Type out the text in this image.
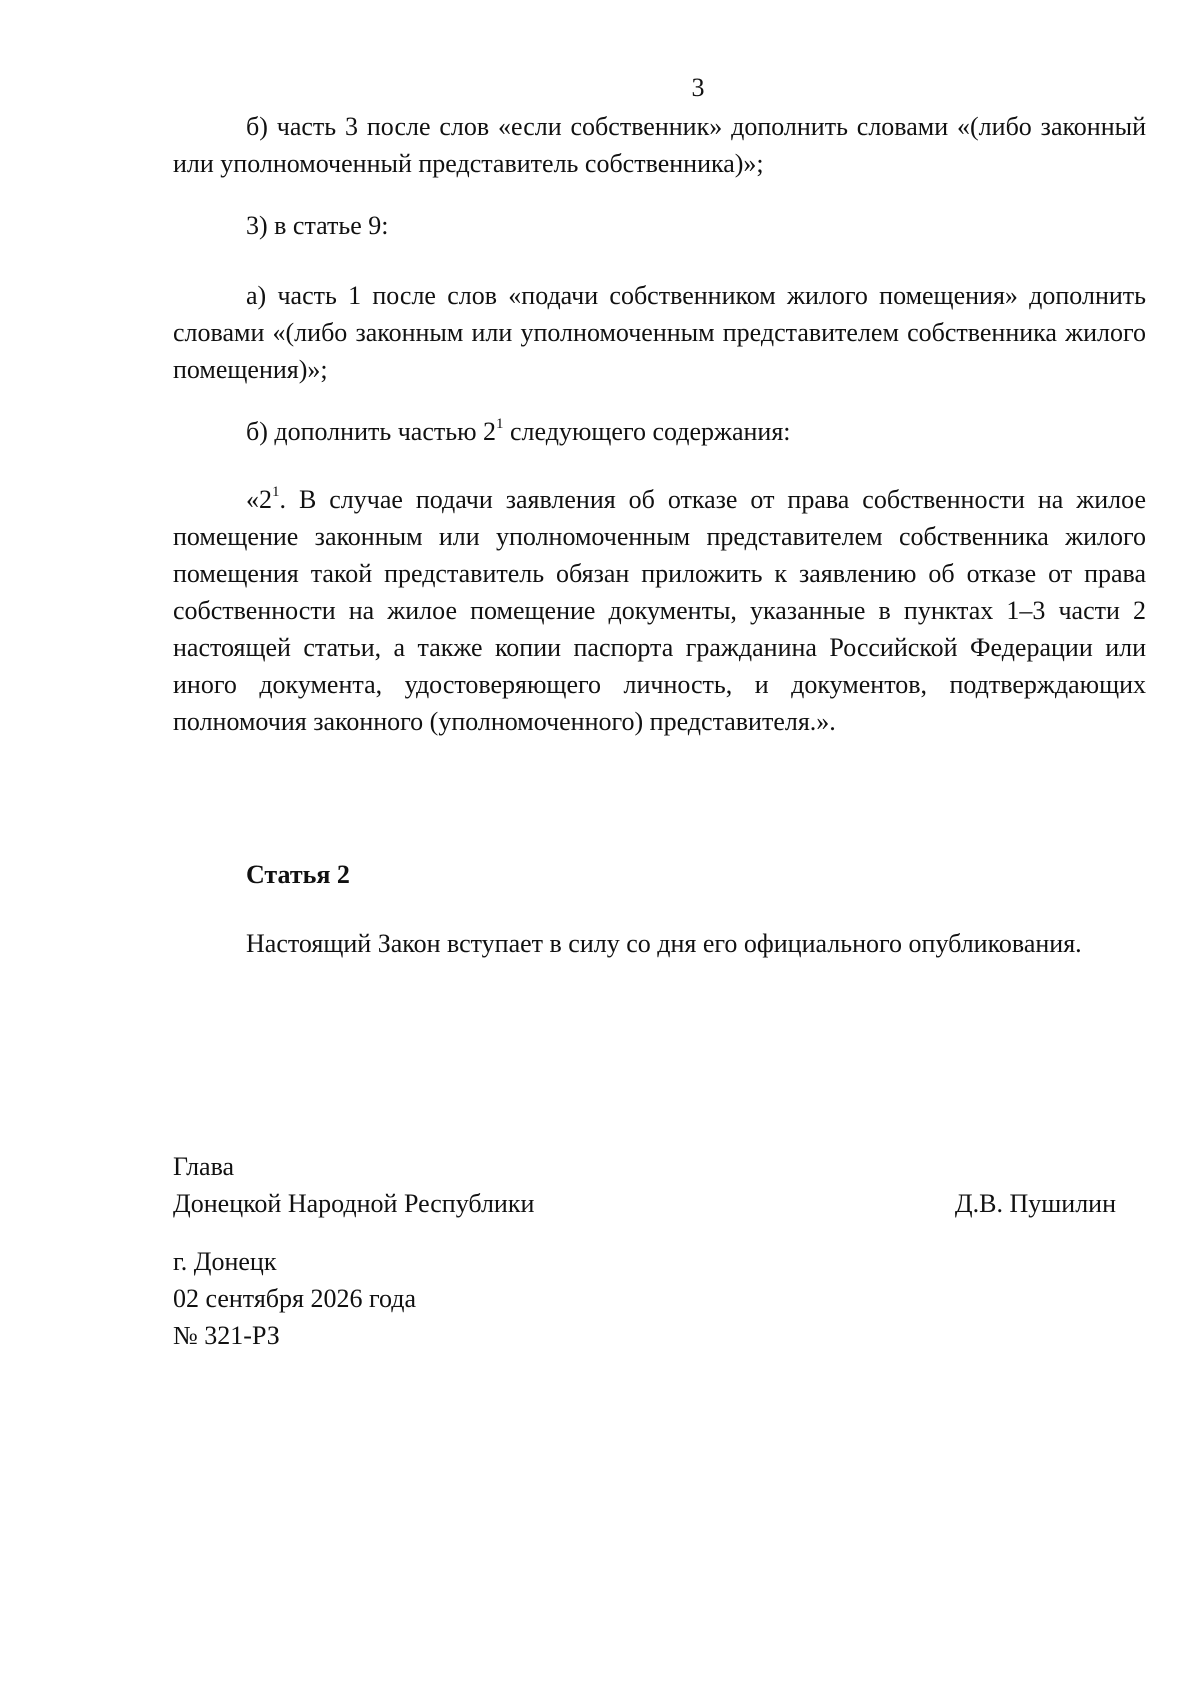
3

б) часть 3 после слов «если собственник» дополнить словами «(либо законный или уполномоченный представитель собственника)»;

3) в статье 9:

а) часть 1 после слов «подачи собственником жилого помещения» дополнить словами «(либо законным или уполномоченным представителем собственника жилого помещения)»;

б) дополнить частью $2^1$ следующего содержания:

«$2^1$. В случае подачи заявления об отказе от права собственности на жилое помещение законным или уполномоченным представителем собственника жилого помещения такой представитель обязан приложить к заявлению об отказе от права собственности на жилое помещение документы, указанные в пунктах 1–3 части 2 настоящей статьи, а также копии паспорта гражданина Российской Федерации или иного документа, удостоверяющего личность, и документов, подтверждающих полномочия законного (уполномоченного) представителя.».

Статья 2

Настоящий Закон вступает в силу со дня его официального опубликования.

Глава
Донецкой Народной Республики	Д.В. Пушилин
г. Донецк
02 сентября 2026 года
№ 321-РЗ
